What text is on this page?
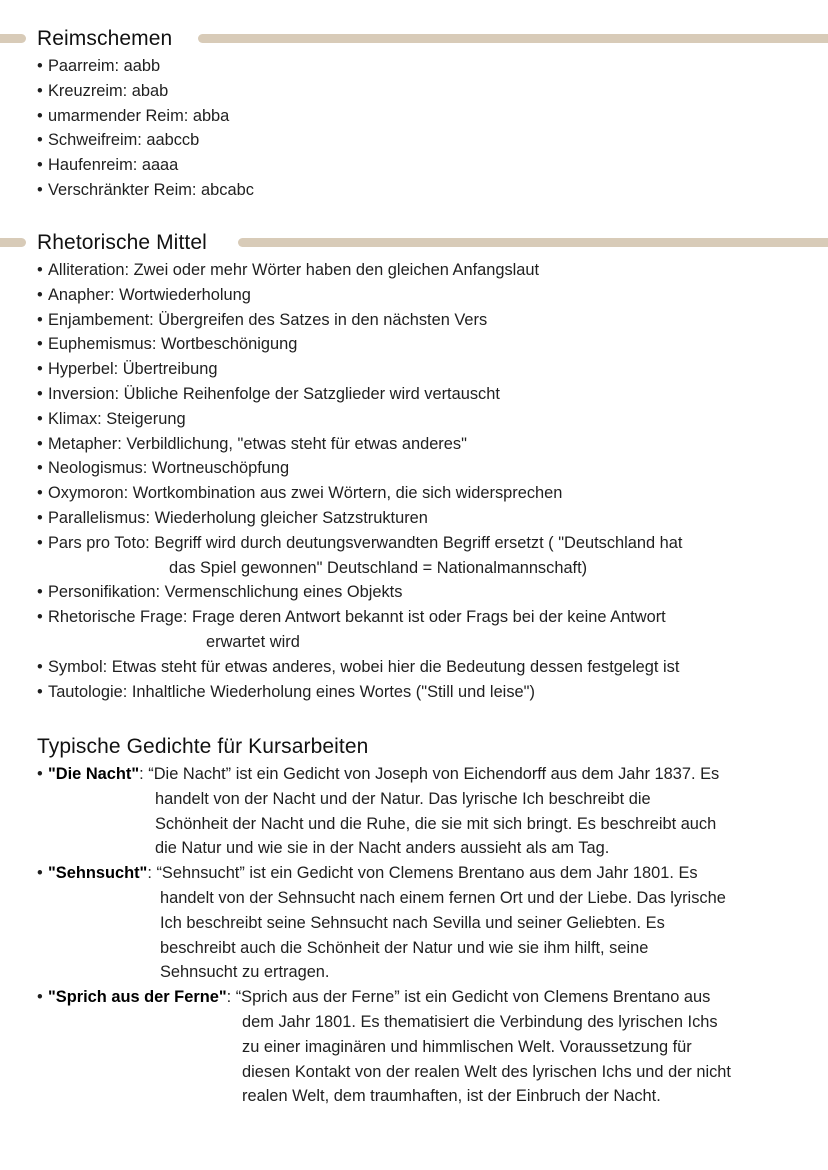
Reimschemen
• Paarreim: aabb
• Kreuzreim: abab
• umarmender Reim: abba
• Schweifreim: aabccb
• Haufenreim: aaaa
• Verschränkter Reim: abcabc
Rhetorische Mittel
• Alliteration: Zwei oder mehr Wörter haben den gleichen Anfangslaut
• Anapher: Wortwiederholung
• Enjambement: Übergreifen des Satzes in den nächsten Vers
• Euphemismus: Wortbeschönigung
• Hyperbel: Übertreibung
• Inversion: Übliche Reihenfolge der Satzglieder wird vertauscht
• Klimax: Steigerung
• Metapher: Verbildlichung, "etwas steht für etwas anderes"
• Neologismus: Wortneuschöpfung
• Oxymoron: Wortkombination aus zwei Wörtern, die sich widersprechen
• Parallelismus: Wiederholung gleicher Satzstrukturen
• Pars pro Toto: Begriff wird durch deutungsverwandten Begriff ersetzt ( "Deutschland hat
das Spiel gewonnen" Deutschland = Nationalmannschaft)
• Personifikation: Vermenschlichung eines Objekts
• Rhetorische Frage: Frage deren Antwort bekannt ist oder Frags bei der keine Antwort
erwartet wird
• Symbol: Etwas steht für etwas anderes, wobei hier die Bedeutung dessen festgelegt ist
• Tautologie: Inhaltliche Wiederholung eines Wortes ("Still und leise")
Typische Gedichte für Kursarbeiten
• "Die Nacht": “Die Nacht” ist ein Gedicht von Joseph von Eichendorff aus dem Jahr 1837. Es
handelt von der Nacht und der Natur. Das lyrische Ich beschreibt die
Schönheit der Nacht und die Ruhe, die sie mit sich bringt. Es beschreibt auch
die Natur und wie sie in der Nacht anders aussieht als am Tag.
• "Sehnsucht": “Sehnsucht” ist ein Gedicht von Clemens Brentano aus dem Jahr 1801. Es
handelt von der Sehnsucht nach einem fernen Ort und der Liebe. Das lyrische
Ich beschreibt seine Sehnsucht nach Sevilla und seiner Geliebten. Es
beschreibt auch die Schönheit der Natur und wie sie ihm hilft, seine
Sehnsucht zu ertragen.
• "Sprich aus der Ferne": “Sprich aus der Ferne” ist ein Gedicht von Clemens Brentano aus
dem Jahr 1801. Es thematisiert die Verbindung des lyrischen Ichs
zu einer imaginären und himmlischen Welt. Voraussetzung für
diesen Kontakt von der realen Welt des lyrischen Ichs und der nicht
realen Welt, dem traumhaften, ist der Einbruch der Nacht.
